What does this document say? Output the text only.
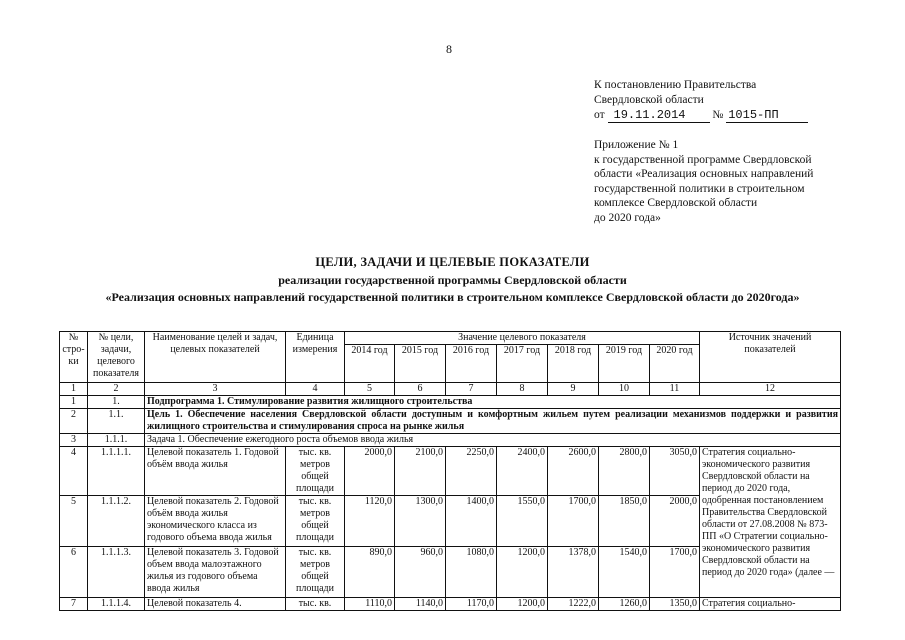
8
К постановлению Правительства
Свердловской области
от 19.11.2014 № 1015-ПП
Приложение № 1
к государственной программе Свердловской
области «Реализация основных направлений
государственной политики в строительном
комплексе Свердловской области
до 2020 года»
ЦЕЛИ, ЗАДАЧИ И ЦЕЛЕВЫЕ ПОКАЗАТЕЛИ
реализации государственной программы Свердловской области
«Реализация основных направлений государственной политики в строительном комплексе Свердловской области до 2020года»
№ стро-ки	№ цели, задачи, целевого показателя	Наименование целей и задач, целевых показателей	Единица измерения	Значение целевого показателя							Источник значений показателей
				2014 год	2015 год	2016 год	2017 год	2018 год	2019 год	2020 год	
1	2	3	4	5	6	7	8	9	10	11	12
1	1.	Подпрограмма 1. Стимулирование развития жилищного строительства									
2	1.1.	Цель 1. Обеспечение населения Свердловской области доступным и комфортным жильем путем реализации механизмов поддержки и развития жилищного строительства и стимулирования спроса на рынке жилья									
3	1.1.1.	Задача 1. Обеспечение ежегодного роста объемов ввода жилья									
4	1.1.1.1.	Целевой показатель 1. Годовой объём ввода жилья	тыс. кв. метров общей площади	2000,0	2100,0	2250,0	2400,0	2600,0	2800,0	3050,0	Стратегия социально-экономического развития Свердловской области на период до 2020 года, одобренная постановлением Правительства Свердловской области от 27.08.2008 № 873-ПП «О Стратегии социально-экономического развития Свердловской области на период до 2020 года» (далее —
5	1.1.1.2.	Целевой показатель 2. Годовой объём ввода жилья экономического класса из годового объема ввода жилья	тыс. кв. метров общей площади	1120,0	1300,0	1400,0	1550,0	1700,0	1850,0	2000,0	
6	1.1.1.3.	Целевой показатель 3. Годовой объем ввода малоэтажного жилья из годового объема ввода жилья	тыс. кв. метров общей площади	890,0	960,0	1080,0	1200,0	1378,0	1540,0	1700,0	
7	1.1.1.4.	Целевой показатель 4.	тыс. кв.	1110,0	1140,0	1170,0	1200,0	1222,0	1260,0	1350,0	Стратегия социально-
